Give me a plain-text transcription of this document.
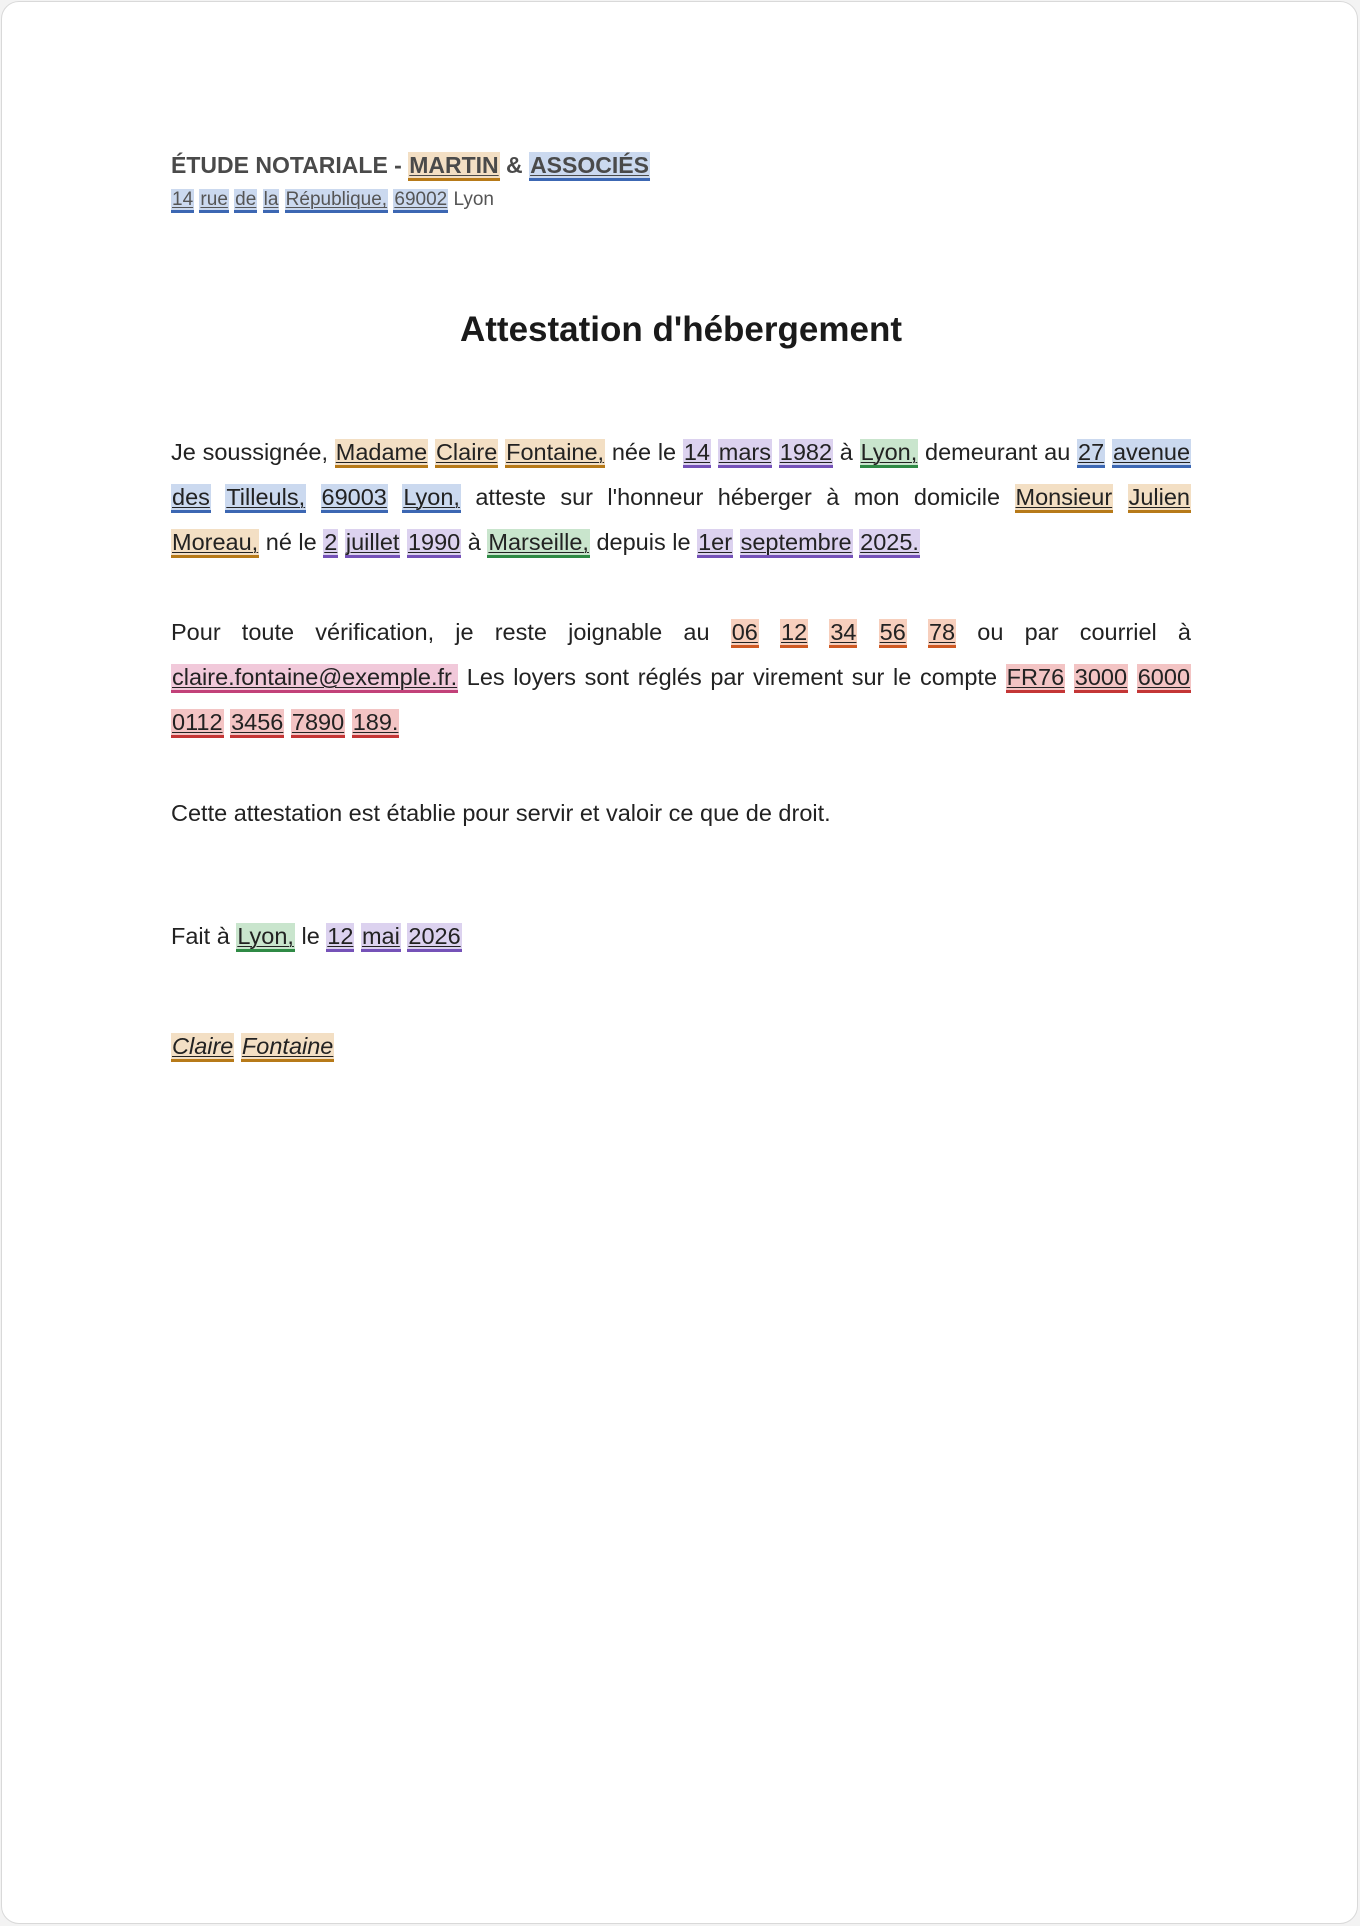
ÉTUDE NOTARIALE - MARTIN & ASSOCIÉS
14 rue de la République, 69002 Lyon
Attestation d'hébergement

Je soussignée, Madame Claire Fontaine, née le 14 mars 1982 à Lyon, demeurant au 27 avenue des Tilleuls, 69003 Lyon, atteste sur l'honneur héberger à mon domicile Monsieur Julien Moreau, né le 2 juillet 1990 à Marseille, depuis le 1er septembre 2025.

Pour toute vérification, je reste joignable au 06 12 34 56 78 ou par courriel à claire.fontaine@exemple.fr. Les loyers sont réglés par virement sur le compte FR76 3000 6000 0112 3456 7890 189.

Cette attestation est établie pour servir et valoir ce que de droit.

Fait à Lyon, le 12 mai 2026

Claire Fontaine
